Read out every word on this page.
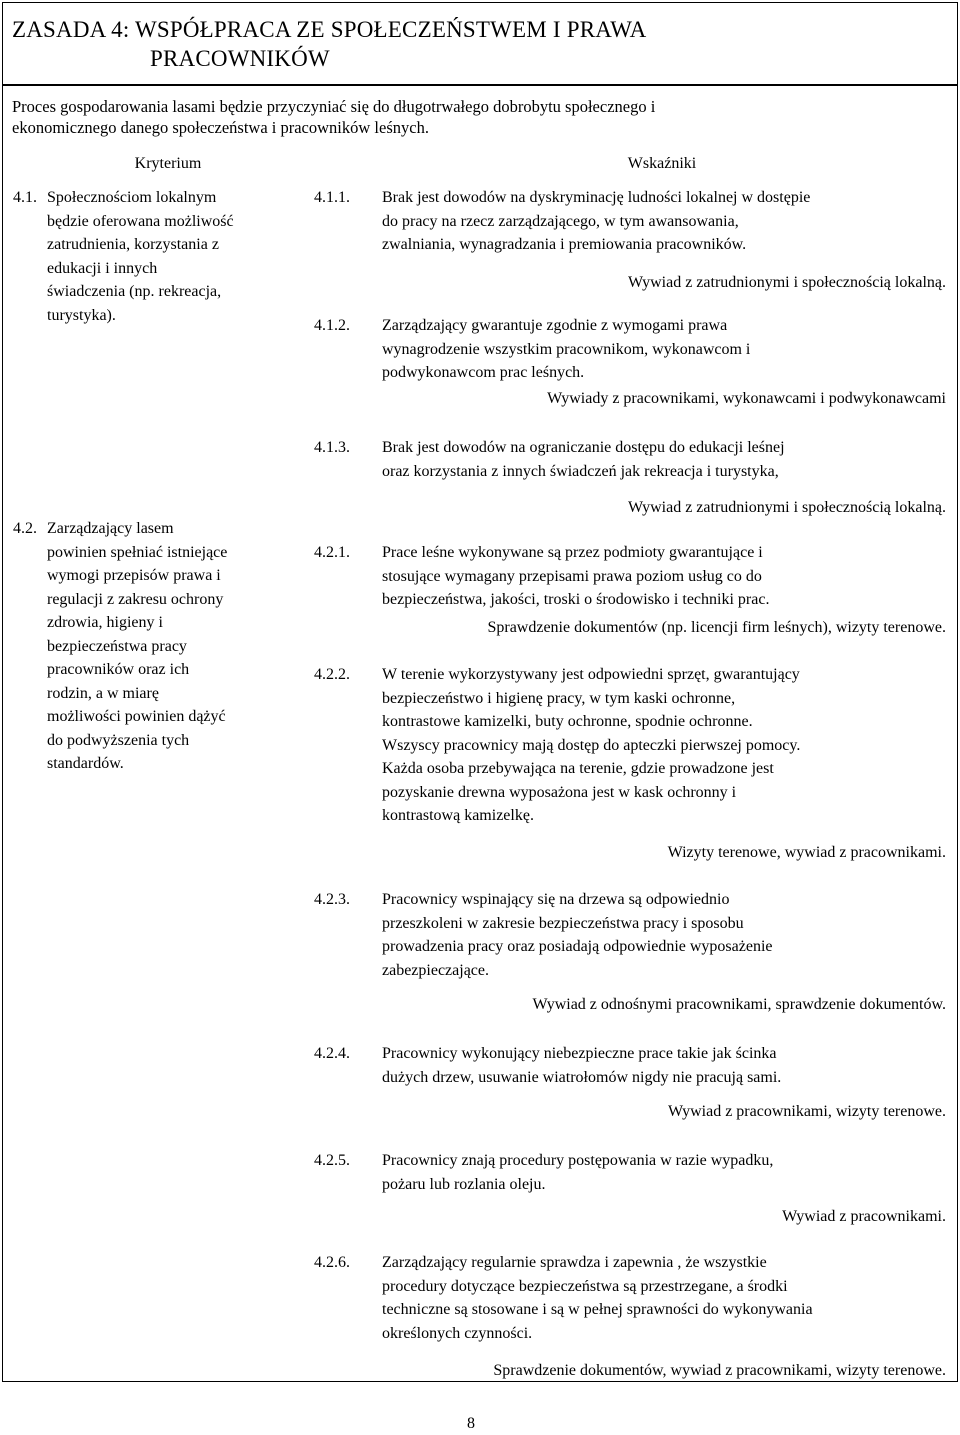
ZASADA 4: WSPÓŁPRACA ZE SPOŁECZEŃSTWEM I PRAWA
PRACOWNIKÓW
Proces gospodarowania lasami będzie przyczyniać się do długotrwałego dobrobytu społecznego i
ekonomicznego danego społeczeństwa i pracowników leśnych.
Kryterium	Wskaźniki
4.1. Społecznościom lokalnym
będzie oferowana możliwość
zatrudnienia, korzystania z
edukacji i innych
świadczenia (np. rekreacja,
turystyka).
4.2. Zarządzający lasem
powinien spełniać istniejące
wymogi przepisów prawa i
regulacji z zakresu ochrony
zdrowia, higieny i
bezpieczeństwa pracy
pracowników oraz ich
rodzin, a w miarę
możliwości powinien dążyć
do podwyższenia tych
standardów.
4.1.1. Brak jest dowodów na dyskryminację ludności lokalnej w dostępie
do pracy na rzecz zarządzającego, w tym awansowania,
zwalniania, wynagradzania i premiowania pracowników.
Wywiad z zatrudnionymi i społecznością lokalną.
4.1.2. Zarządzający gwarantuje zgodnie z wymogami prawa
wynagrodzenie wszystkim pracownikom, wykonawcom i
podwykonawcom prac leśnych.
Wywiady z pracownikami, wykonawcami i podwykonawcami
4.1.3. Brak jest dowodów na ograniczanie dostępu do edukacji leśnej
oraz korzystania z innych świadczeń jak rekreacja i turystyka,
Wywiad z zatrudnionymi i społecznością lokalną.
4.2.1. Prace leśne wykonywane są przez podmioty gwarantujące i
stosujące wymagany przepisami prawa poziom usług co do
bezpieczeństwa, jakości, troski o środowisko i techniki prac.
Sprawdzenie dokumentów (np. licencji firm leśnych), wizyty terenowe.
4.2.2. W terenie wykorzystywany jest odpowiedni sprzęt, gwarantujący
bezpieczeństwo i higienę pracy, w tym kaski ochronne,
kontrastowe kamizelki, buty ochronne, spodnie ochronne.
Wszyscy pracownicy mają dostęp do apteczki pierwszej pomocy.
Każda osoba przebywająca na terenie, gdzie prowadzone jest
pozyskanie drewna wyposażona jest w kask ochronny i
kontrastową kamizelkę.
Wizyty terenowe, wywiad z pracownikami.
4.2.3. Pracownicy wspinający się na drzewa są odpowiednio
przeszkoleni w zakresie bezpieczeństwa pracy i sposobu
prowadzenia pracy oraz posiadają odpowiednie wyposażenie
zabezpieczające.
Wywiad z odnośnymi pracownikami, sprawdzenie dokumentów.
4.2.4. Pracownicy wykonujący niebezpieczne prace takie jak ścinka
dużych drzew, usuwanie wiatrołomów nigdy nie pracują sami.
Wywiad z pracownikami, wizyty terenowe.
4.2.5. Pracownicy znają procedury postępowania w razie wypadku,
pożaru lub rozlania oleju.
Wywiad z pracownikami.
4.2.6. Zarządzający regularnie sprawdza i zapewnia , że wszystkie
procedury dotyczące bezpieczeństwa są przestrzegane, a środki
techniczne są stosowane i są w pełnej sprawności do wykonywania
określonych czynności.
Sprawdzenie dokumentów, wywiad z pracownikami, wizyty terenowe.
8
